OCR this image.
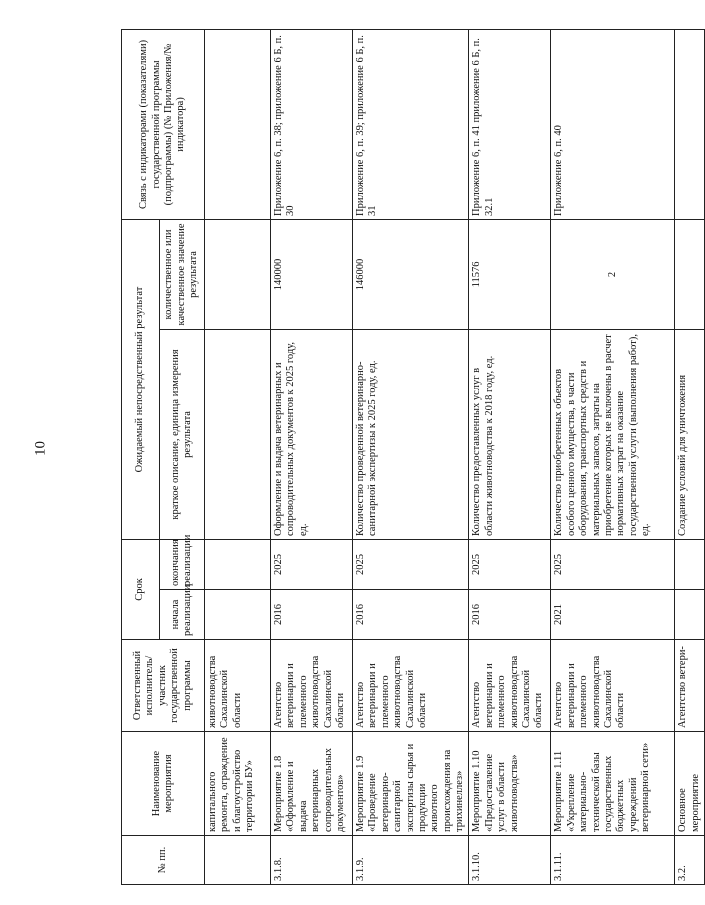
10
№ пп.	Наименование мероприятия	Ответственный исполнитель/участник государственной программы	Срок		Ожидаемый непосредственный результат		Связь с индикаторами (показателями) государственной программы (подпрограммы) (№ Приложения/№ индикатора)
			начала реализации	окончания реализации	краткое описание, единица измерения результата	количественное или качественное значение результата	
	капитального ремонта, ограждение и благоустройство территории БУ»	животноводства Сахалинской области					
3.1.8.	Мероприятие 1.8 «Оформление и выдача ветеринарных сопроводительных документов»	Агентство ветеринарии и племенного животноводства Сахалинской области	2016	2025	Оформление и выдача ветеринарных и сопроводительных документов к 2025 году, ед.	140000	Приложение 6, п. 38; приложение 6 Б, п. 30
3.1.9.	Мероприятие 1.9 «Проведение ветеринарно-санитарной экспертизы сырья и продукции животного происхождения на трихинеллез»	Агентство ветеринарии и племенного животноводства Сахалинской области	2016	2025	Количество проведенной ветеринарно-санитарной экспертизы к 2025 году, ед.	146000	Приложение 6, п. 39; приложение 6 Б, п. 31
3.1.10.	Мероприятие 1.10 «Предоставление услуг в области животноводства»	Агентство ветеринарии и племенного животноводства Сахалинской области	2016	2025	Количество предоставленных услуг в области животноводства к 2018 году, ед.	11576	Приложение 6, п. 41 приложение 6 Б, п. 32.1
3.1.11.	Мероприятие 1.11 «Укрепление материально-технической базы государственных бюджетных учреждений ветеринарной сети»	Агентство ветеринарии и племенного животноводства Сахалинской области	2021	2025	Количество приобретенных объектов особого ценного имущества, в части оборудования, транспортных средств и материальных запасов, затраты на приобретение которых не включены в расчет нормативных затрат на оказание государственной услуги (выполнения работ), ед.	2	Приложение 6, п. 40
3.2.	Основное мероприятие	Агентство ветери-			Создание условий для уничтожения		
